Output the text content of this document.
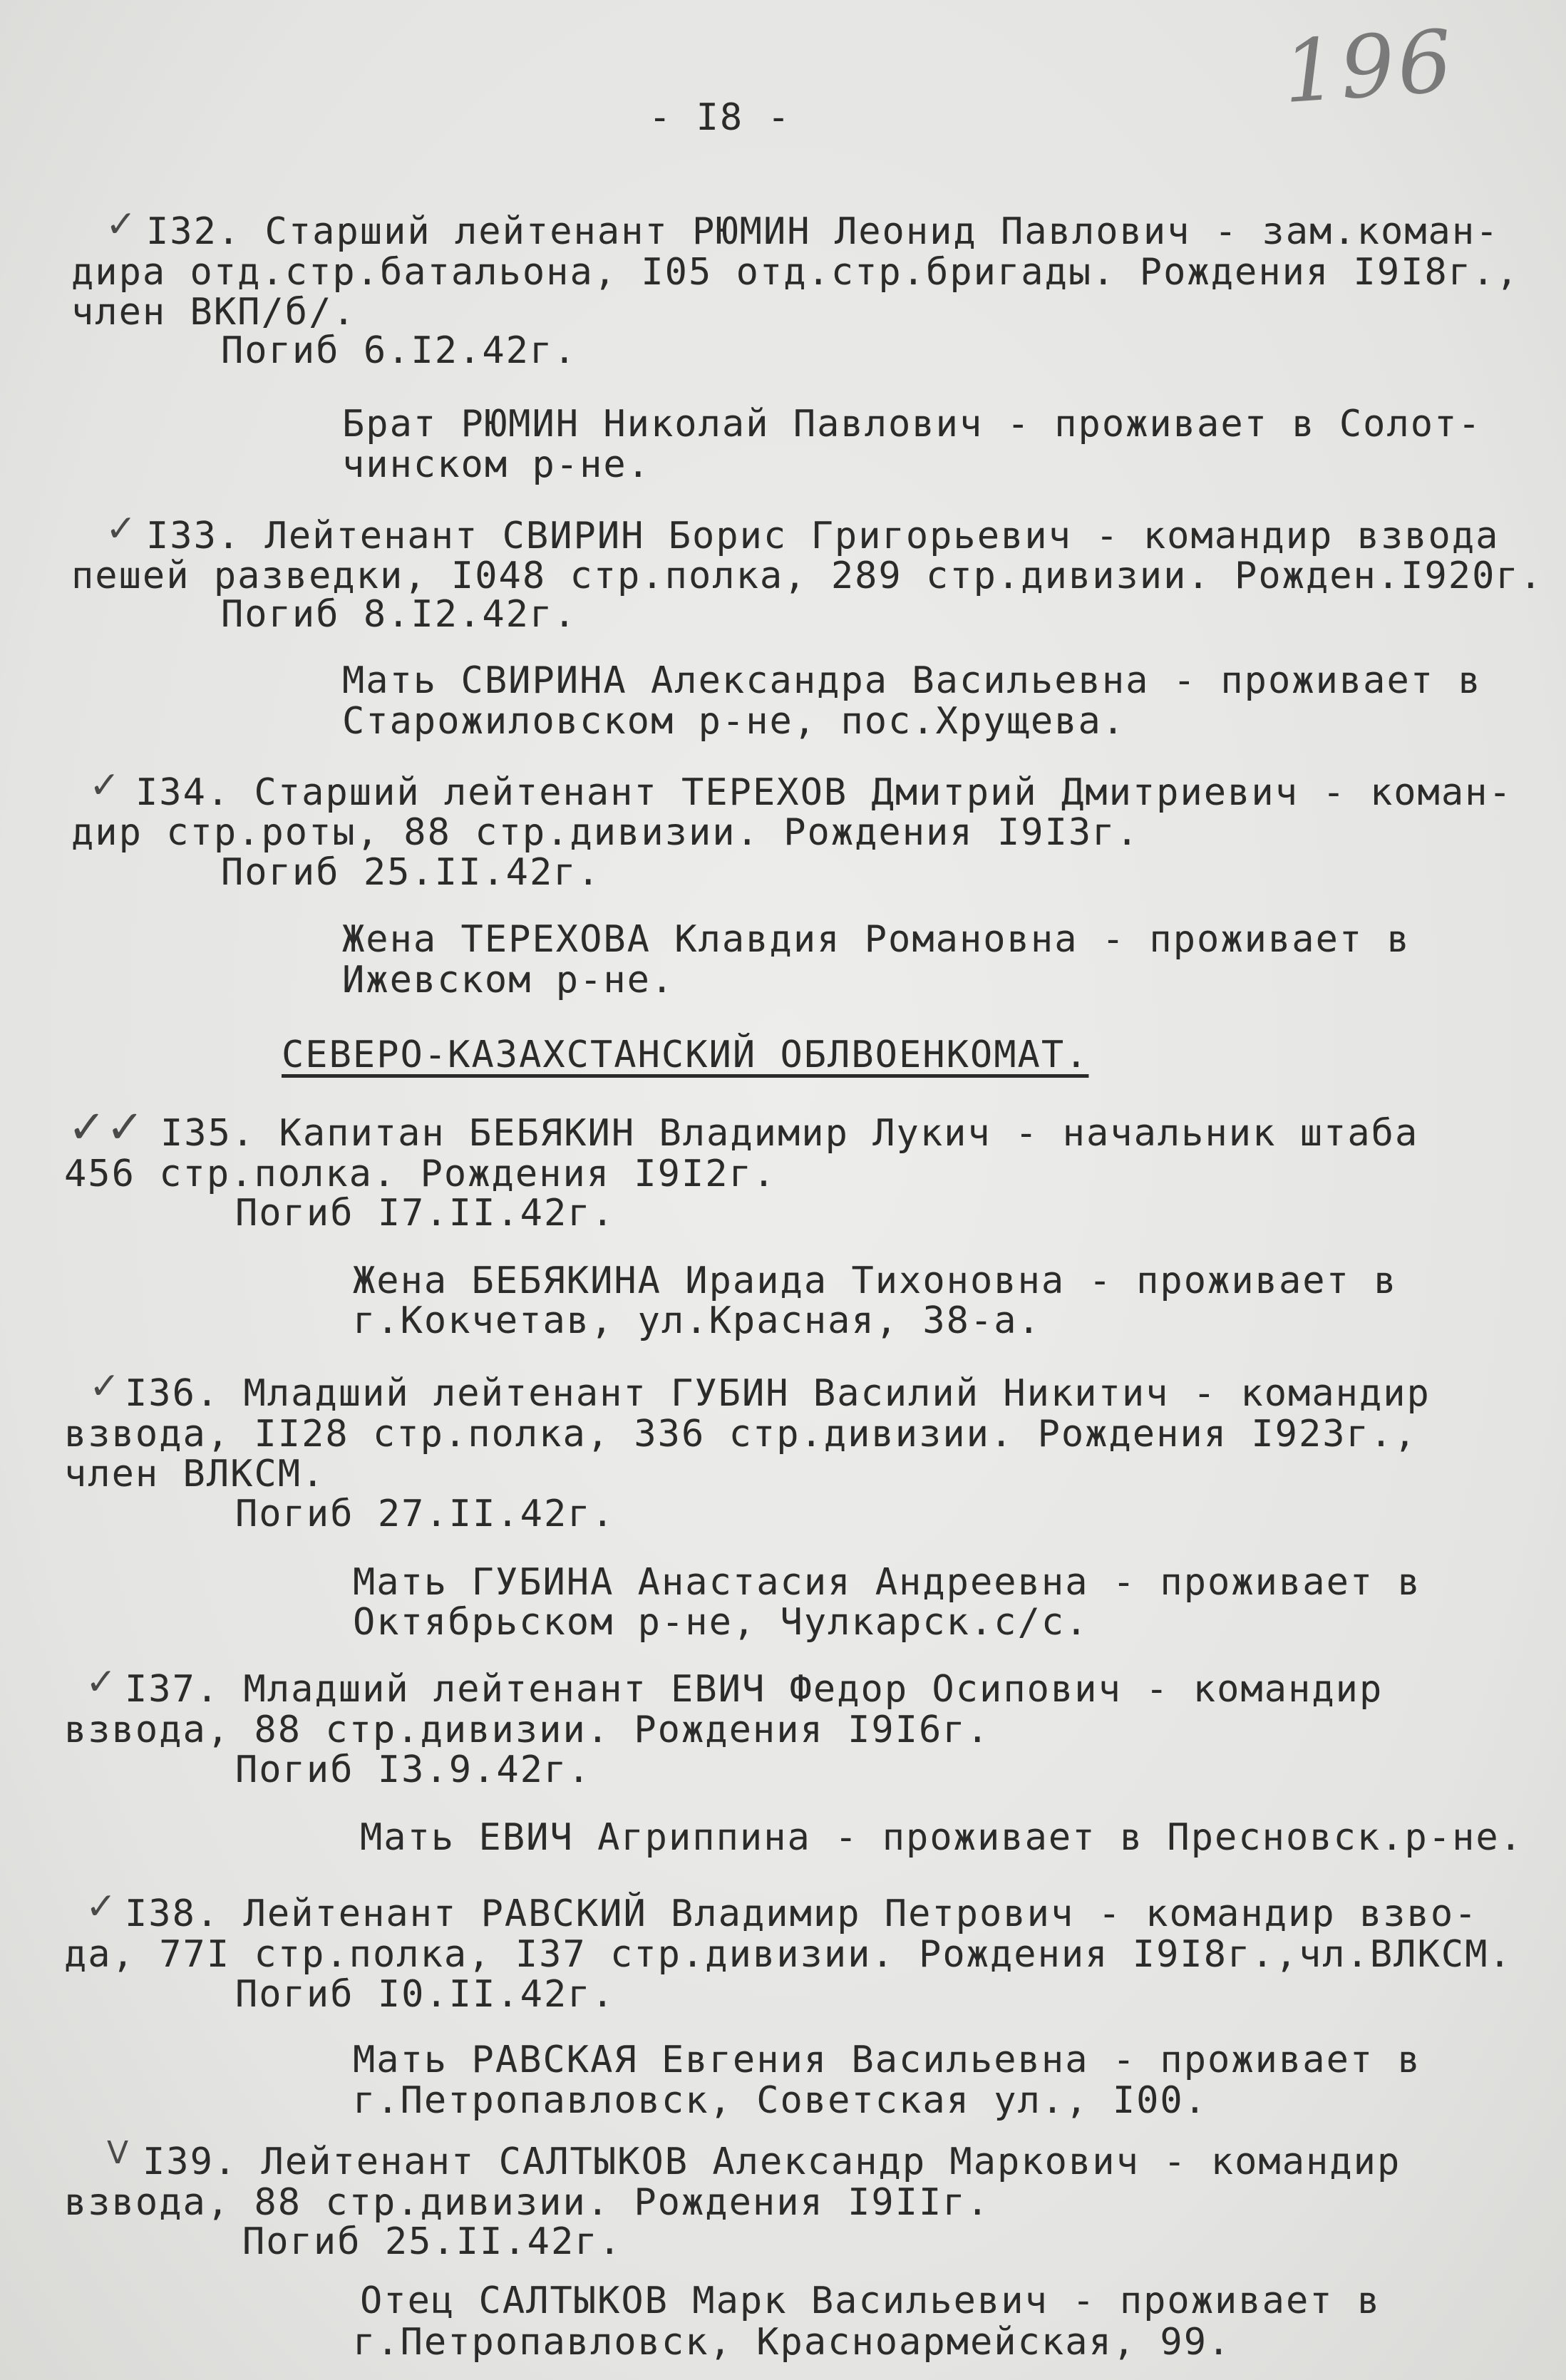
196
- I8 -
✓ I32. Старший лейтенант РЮМИН Леонид Павлович - зам.коман-
дира отд.стр.батальона, I05 отд.стр.бригады. Рождения I9I8г.,
член ВКП/б/.
Погиб 6.I2.42г.
Брат РЮМИН Николай Павлович - проживает в Солот-
чинском р-не.
✓ I33. Лейтенант СВИРИН Борис Григорьевич - командир взвода
пешей разведки, I048 стр.полка, 289 стр.дивизии. Рожден.I920г.
Погиб 8.I2.42г.
Мать СВИРИНА Александра Васильевна - проживает в
Старожиловском р-не, пос.Хрущева.
✓ I34. Старший лейтенант ТЕРЕХОВ Дмитрий Дмитриевич - коман-
дир стр.роты, 88 стр.дивизии. Рождения I9I3г.
Погиб 25.II.42г.
Жена ТЕРЕХОВА Клавдия Романовна - проживает в
Ижевском р-не.
СЕВЕРО-КАЗАХСТАНСКИЙ ОБЛВОЕНКОМАТ.
✓✓ I35. Капитан БЕБЯКИН Владимир Лукич - начальник штаба
456 стр.полка. Рождения I9I2г.
Погиб I7.II.42г.
Жена БЕБЯКИНА Ираида Тихоновна - проживает в
г.Кокчетав, ул.Красная, 38-а.
✓ I36. Младший лейтенант ГУБИН Василий Никитич - командир
взвода, II28 стр.полка, 336 стр.дивизии. Рождения I923г.,
член ВЛКСМ.
Погиб 27.II.42г.
Мать ГУБИНА Анастасия Андреевна - проживает в
Октябрьском р-не, Чулкарск.с/с.
✓ I37. Младший лейтенант ЕВИЧ Федор Осипович - командир
взвода, 88 стр.дивизии. Рождения I9I6г.
Погиб I3.9.42г.
Мать ЕВИЧ Агриппина - проживает в Пресновск.р-не.
✓ I38. Лейтенант РАВСКИЙ Владимир Петрович - командир взво-
да, 77I стр.полка, I37 стр.дивизии. Рождения I9I8г.,чл.ВЛКСМ.
Погиб I0.II.42г.
Мать РАВСКАЯ Евгения Васильевна - проживает в
г.Петропавловск, Советская ул., I00.
V I39. Лейтенант САЛТЫКОВ Александр Маркович - командир
взвода, 88 стр.дивизии. Рождения I9IIг.
Погиб 25.II.42г.
Отец САЛТЫКОВ Марк Васильевич - проживает в
г.Петропавловск, Красноармейская, 99.
